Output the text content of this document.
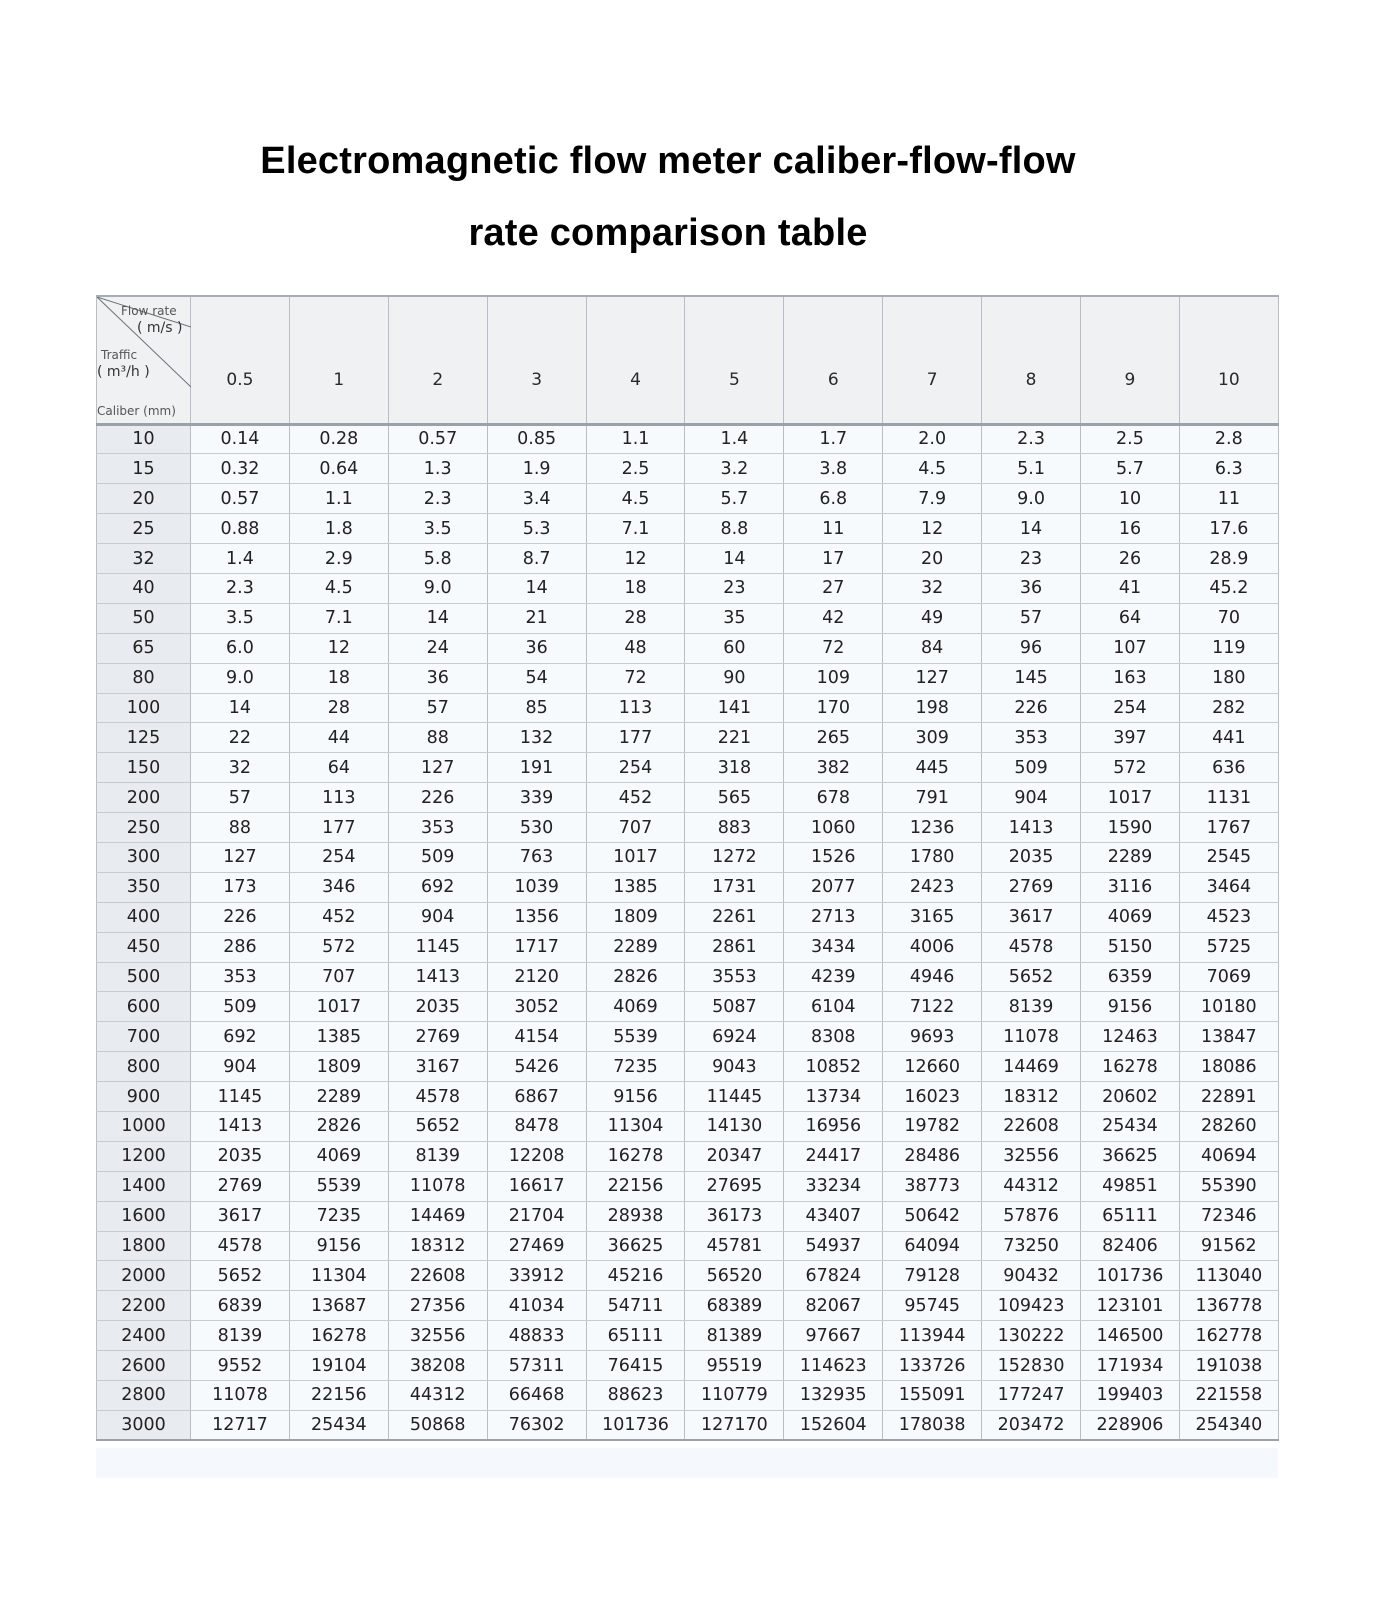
Electromagnetic flow meter caliber-flow-flow
rate comparison table
Flow rate
( m/s )
Traffic
( m³/h )
Caliber (mm)	0.5	1	2	3	4	5	6	7	8	9	10
10	0.14	0.28	0.57	0.85	1.1	1.4	1.7	2.0	2.3	2.5	2.8
15	0.32	0.64	1.3	1.9	2.5	3.2	3.8	4.5	5.1	5.7	6.3
20	0.57	1.1	2.3	3.4	4.5	5.7	6.8	7.9	9.0	10	11
25	0.88	1.8	3.5	5.3	7.1	8.8	11	12	14	16	17.6
32	1.4	2.9	5.8	8.7	12	14	17	20	23	26	28.9
40	2.3	4.5	9.0	14	18	23	27	32	36	41	45.2
50	3.5	7.1	14	21	28	35	42	49	57	64	70
65	6.0	12	24	36	48	60	72	84	96	107	119
80	9.0	18	36	54	72	90	109	127	145	163	180
100	14	28	57	85	113	141	170	198	226	254	282
125	22	44	88	132	177	221	265	309	353	397	441
150	32	64	127	191	254	318	382	445	509	572	636
200	57	113	226	339	452	565	678	791	904	1017	1131
250	88	177	353	530	707	883	1060	1236	1413	1590	1767
300	127	254	509	763	1017	1272	1526	1780	2035	2289	2545
350	173	346	692	1039	1385	1731	2077	2423	2769	3116	3464
400	226	452	904	1356	1809	2261	2713	3165	3617	4069	4523
450	286	572	1145	1717	2289	2861	3434	4006	4578	5150	5725
500	353	707	1413	2120	2826	3553	4239	4946	5652	6359	7069
600	509	1017	2035	3052	4069	5087	6104	7122	8139	9156	10180
700	692	1385	2769	4154	5539	6924	8308	9693	11078	12463	13847
800	904	1809	3167	5426	7235	9043	10852	12660	14469	16278	18086
900	1145	2289	4578	6867	9156	11445	13734	16023	18312	20602	22891
1000	1413	2826	5652	8478	11304	14130	16956	19782	22608	25434	28260
1200	2035	4069	8139	12208	16278	20347	24417	28486	32556	36625	40694
1400	2769	5539	11078	16617	22156	27695	33234	38773	44312	49851	55390
1600	3617	7235	14469	21704	28938	36173	43407	50642	57876	65111	72346
1800	4578	9156	18312	27469	36625	45781	54937	64094	73250	82406	91562
2000	5652	11304	22608	33912	45216	56520	67824	79128	90432	101736	113040
2200	6839	13687	27356	41034	54711	68389	82067	95745	109423	123101	136778
2400	8139	16278	32556	48833	65111	81389	97667	113944	130222	146500	162778
2600	9552	19104	38208	57311	76415	95519	114623	133726	152830	171934	191038
2800	11078	22156	44312	66468	88623	110779	132935	155091	177247	199403	221558
3000	12717	25434	50868	76302	101736	127170	152604	178038	203472	228906	254340
